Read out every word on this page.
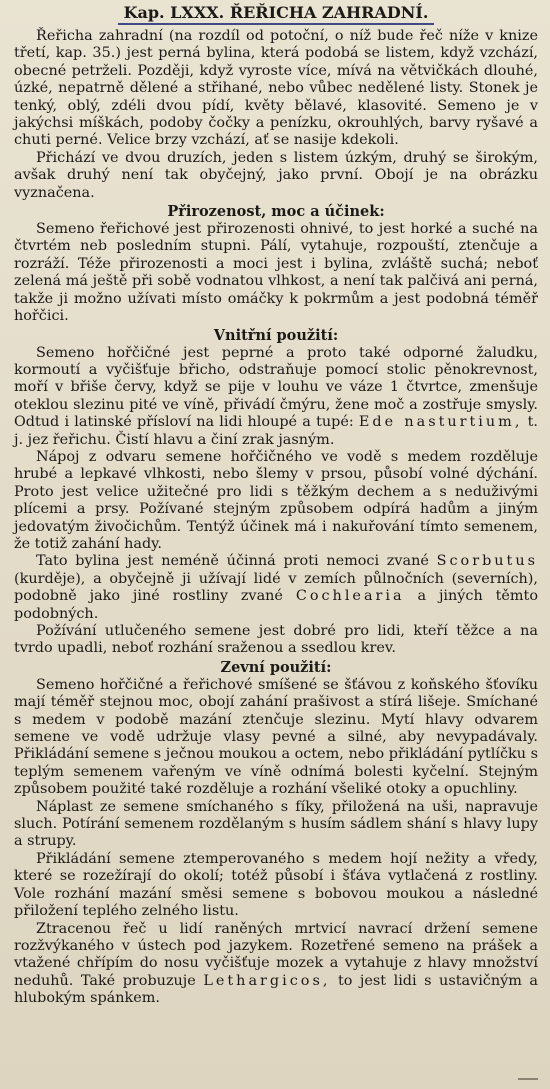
Kap. LXXX. ŘEŘICHA ZAHRADNÍ.

Řeřicha zahradní (na rozdíl od potoční, o níž bude řeč níže v knize třetí, kap. 35.) jest perná bylina, která podobá se listem, když vzchází, obecné petrželi. Později, když vyroste více, mívá na větvičkách dlouhé, úzké, nepatrně dělené a střihané, nebo vůbec nedělené listy. Stonek je tenký, oblý, zdéli dvou pídí, květy bělavé, klasovité. Semeno je v jakýchsi míškách, podoby čočky a penízku, okrouhlých, barvy ryšavé a chuti perné. Velice brzy vzchází, ať se nasije kdekoli.

Přichází ve dvou druzích, jeden s listem úzkým, druhý se širokým, avšak druhý není tak obyčejný, jako první. Obojí je na obrázku vyznačena.

Přirozenost, moc a účinek:

Semeno řeřichové jest přirozenosti ohnivé, to jest horké a suché na čtvrtém neb posledním stupni. Pálí, vytahuje, rozpouští, ztenčuje a rozráží. Téže přirozenosti a moci jest i bylina, zvláště suchá; neboť zelená má ještě při sobě vodnatou vlhkost, a není tak palčivá ani perná, takže ji možno užívati místo omáčky k pokrmům a jest podobná téměř hořčici.

Vnitřní použití:

Semeno hořčičné jest peprné a proto také odporné žaludku, kormoutí a vyčišťuje břicho, odstraňuje pomocí stolic pěnokrevnost, moří v břiše červy, když se pije v louhu ve váze 1 čtvrtce, zmenšuje oteklou slezinu pité ve víně, přivádí čmýru, žene moč a zostřuje smysly. Odtud i latinské přísloví na lidi hloupé a tupé: Ede nasturtium, t. j. jez řeřichu. Čistí hlavu a činí zrak jasným.

Nápoj z odvaru semene hořčičného ve vodě s medem rozděluje hrubé a lepkavé vlhkosti, nebo šlemy v prsou, působí volné dýchání. Proto jest velice užitečné pro lidi s těžkým dechem a s neduživými plícemi a prsy. Požívané stejným způsobem odpírá hadům a jiným jedovatým živočichům. Tentýž účinek má i nakuřování tímto semenem, že totiž zahání hady.

Tato bylina jest neméně účinná proti nemoci zvané Scorbutus (kurděje), a obyčejně ji užívají lidé v zemích půlnočních (severních), podobně jako jiné rostliny zvané Cochlearia a jiných těmto podobných.

Požívání utlučeného semene jest dobré pro lidi, kteří těžce a na tvrdo upadli, neboť rozhání sraženou a ssedlou krev.

Zevní použití:

Semeno hořčičné a řeřichové smíšené se šťávou z koňského šťovíku mají téměř stejnou moc, obojí zahání prašivost a stírá lišeje. Smíchané s medem v podobě mazání ztenčuje slezinu. Mytí hlavy odvarem semene ve vodě udržuje vlasy pevné a silné, aby nevypadávaly. Přikládání semene s ječnou moukou a octem, nebo přikládání pytlíčku s teplým semenem vařeným ve víně odnímá bolesti kyčelní. Stejným způsobem použité také rozděluje a rozhání všeliké otoky a opuchliny.

Náplast ze semene smíchaného s fíky, přiložená na uši, napravuje sluch. Potírání semenem rozdělaným s husím sádlem shání s hlavy lupy a strupy.

Přikládání semene ztemperovaného s medem hojí nežity a vředy, které se rozežírají do okolí; totéž působí i šťáva vytlačená z rostliny. Vole rozhání mazání směsi semene s bobovou moukou a následné přiložení teplého zelného listu.

Ztracenou řeč u lidí raněných mrtvicí navrací držení semene rozžvýkaného v ústech pod jazykem. Rozetřené semeno na prášek a vtažené chřípím do nosu vyčišťuje mozek a vytahuje z hlavy množství neduhů. Také probuzuje Lethargicos, to jest lidi s ustavičným a hlubokým spánkem.
